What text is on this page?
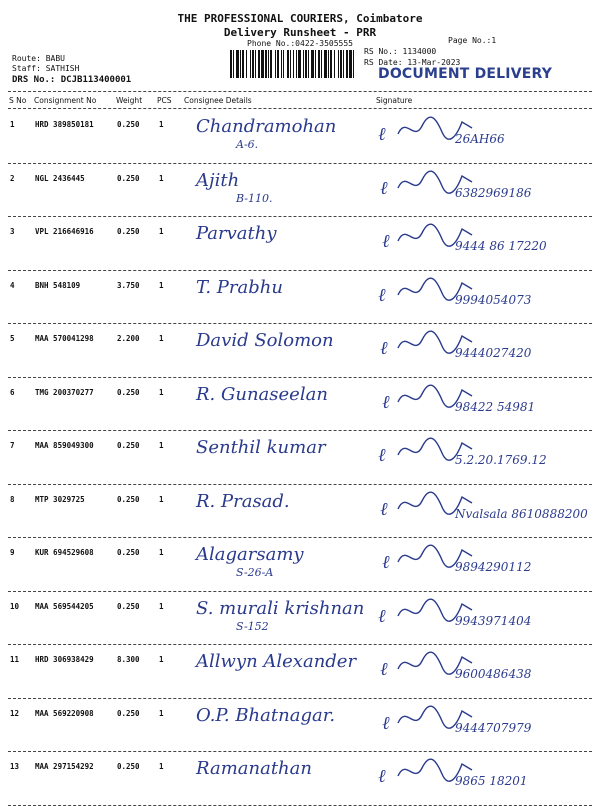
THE PROFESSIONAL COURIERS, Coimbatore
Delivery Runsheet - PRR
Phone No.:0422-3505555	Page No.:1
Route: BABU
Staff: SATHISH
DRS No.: DCJB113400001
RS No.: 1134000
RS Date: 13-Mar-2023
DOCUMENT DELIVERY
S No Consignment No	Weight PCS Consignee Details	Signature
1	HRD 389850181	0.250	1 Chandramohan
A-6.	ℓ	26AH66
2	NGL 2436445	0.250	1 Ajith
B-110.	ℓ	6382969186
3	VPL 216646916	0.250	1 Parvathy	ℓ	9444 86 17220
4	BNH 548109	3.750	1 T. Prabhu	ℓ	9994054073
5	MAA 570041298	2.200	1 David Solomon	ℓ	9444027420
6	TMG 200370277	0.250	1 R. Gunaseelan	ℓ	98422 54981
7	MAA 859049300	0.250	1 Senthil kumar	ℓ	5.2.20.1769.12
8	MTP 3029725	0.250	1 R. Prasad.	ℓ	Nvalsala 8610888200
9	KUR 694529608	0.250	1 Alagarsamy
S-26-A	ℓ	9894290112
10 MAA 569544205	0.250	1 S. murali krishnan
S-152	ℓ	9943971404
11 HRD 306938429	8.300	1 Allwyn Alexander ℓ	9600486438
12 MAA 569220908	0.250	1 O.P. Bhatnagar.	ℓ	9444707979
13 MAA 297154292	0.250	1 Ramanathan	ℓ	9865 18201
